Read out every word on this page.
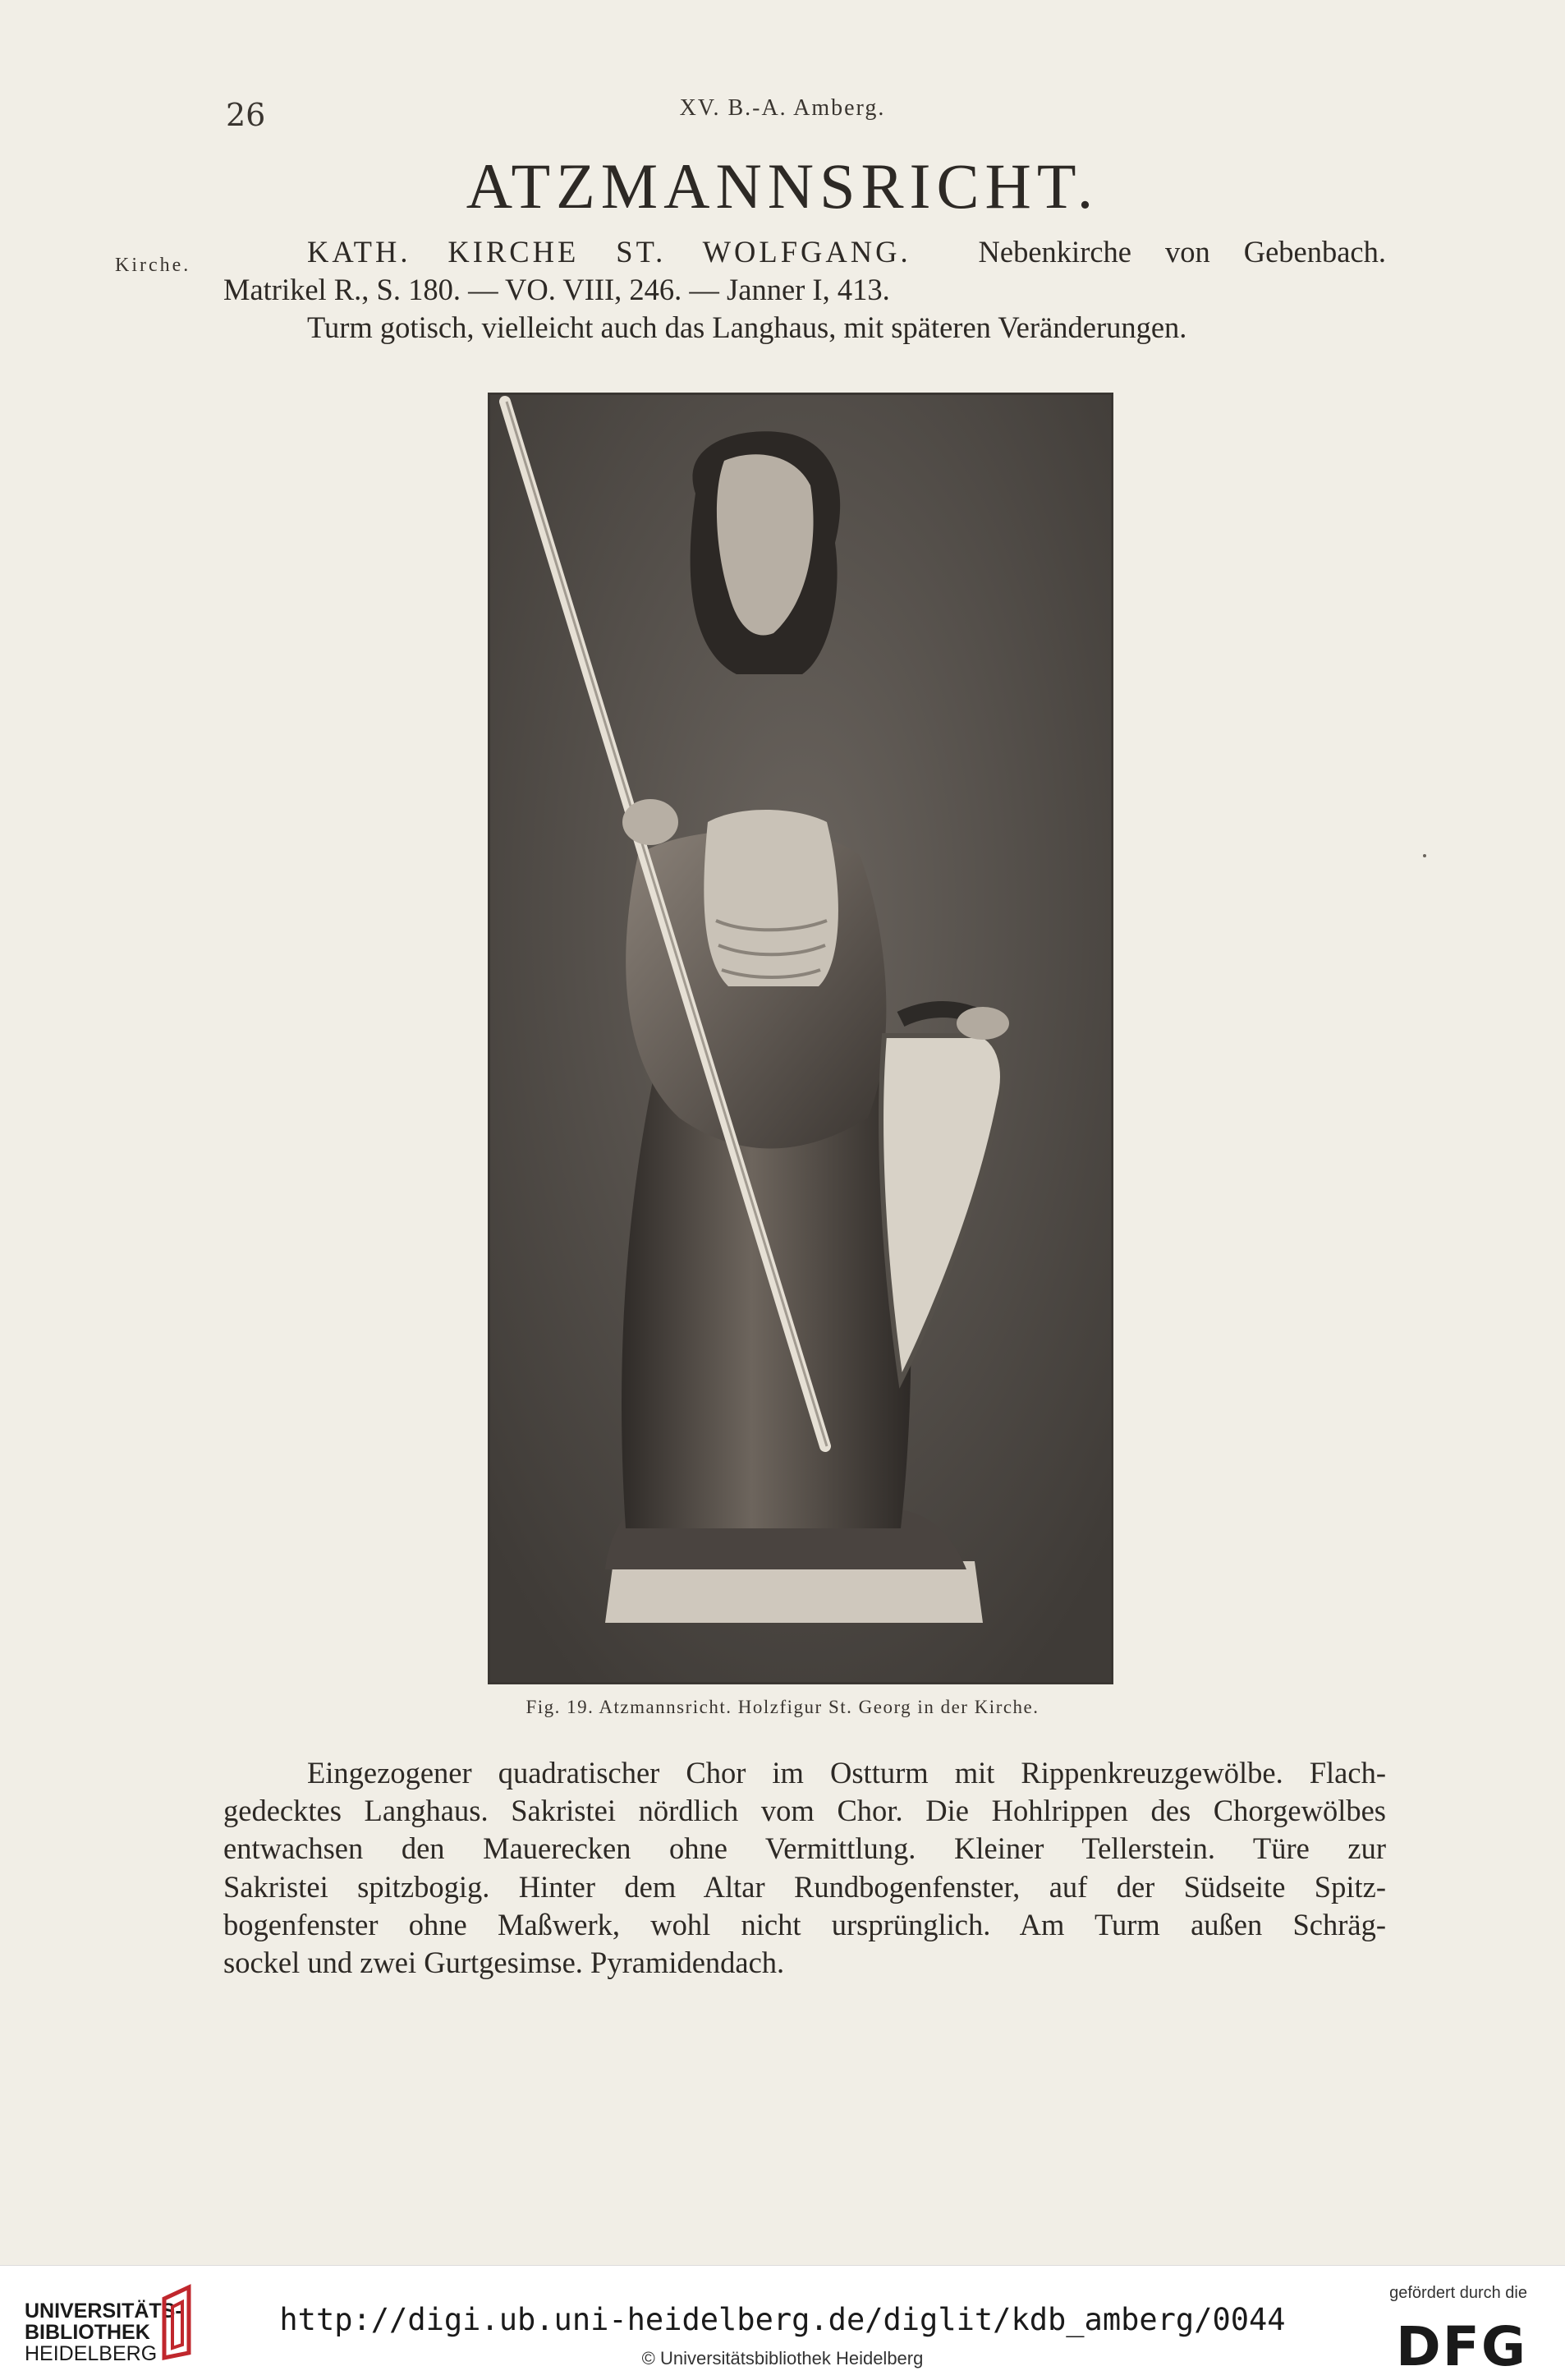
26	XV. B.-A. Amberg.
ATZMANNSRICHT.
Kirche.	KATH. KIRCHE ST. WOLFGANG. Nebenkirche von Gebenbach.
Matrikel R., S. 180. — VO. VIII, 246. — Janner I, 413.
Turm gotisch, vielleicht auch das Langhaus, mit späteren Veränderungen.
Fig. 19. Atzmannsricht. Holzfigur St. Georg in der Kirche.
Eingezogener quadratischer Chor im Ostturm mit Rippenkreuzgewölbe. Flach-
gedecktes Langhaus. Sakristei nördlich vom Chor. Die Hohlrippen des Chorgewölbes
entwachsen den Mauerecken ohne Vermittlung. Kleiner Tellerstein. Türe zur
Sakristei spitzbogig. Hinter dem Altar Rundbogenfenster, auf der Südseite Spitz-
bogenfenster ohne Maßwerk, wohl nicht ursprünglich. Am Turm außen Schräg-
sockel und zwei Gurtgesimse. Pyramidendach.
UNIVERSITÄTS-
BIBLIOTHEK
HEIDELBERG
http://digi.ub.uni-heidelberg.de/diglit/kdb_amberg/0044
© Universitätsbibliothek Heidelberg
gefördert durch die
DFG
